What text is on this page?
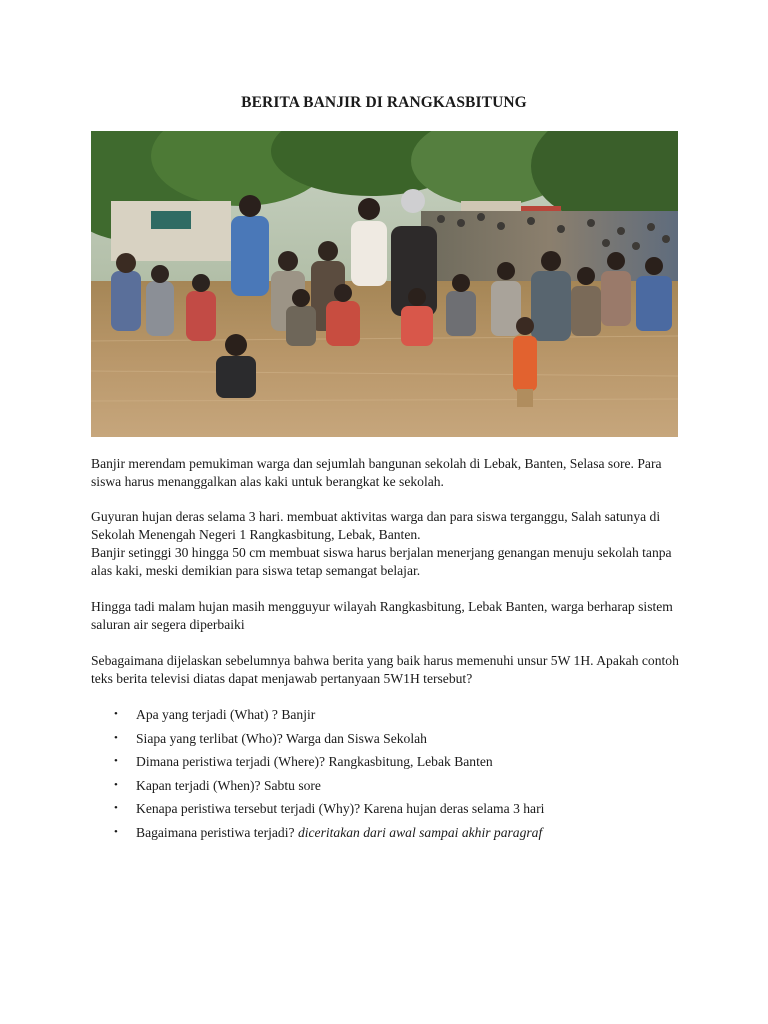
BERITA BANJIR DI RANGKASBITUNG

Banjir merendam pemukiman warga dan sejumlah bangunan sekolah di Lebak, Banten, Selasa sore. Para siswa harus menanggalkan alas kaki untuk berangkat ke sekolah.

Guyuran hujan deras selama 3 hari. membuat aktivitas warga dan para siswa terganggu, Salah satunya di Sekolah Menengah Negeri 1 Rangkasbitung, Lebak, Banten.

Banjir setinggi 30 hingga 50 cm membuat siswa harus berjalan menerjang genangan menuju sekolah tanpa alas kaki, meski demikian para siswa tetap semangat belajar.

Hingga tadi malam hujan masih mengguyur wilayah Rangkasbitung, Lebak Banten, warga berharap sistem saluran air segera diperbaiki

Sebagaimana dijelaskan sebelumnya bahwa berita yang baik harus memenuhi unsur 5W 1H. Apakah contoh teks berita televisi diatas dapat menjawab pertanyaan 5W1H tersebut?

• Apa yang terjadi (What) ? Banjir
• Siapa yang terlibat (Who)? Warga dan Siswa Sekolah
• Dimana peristiwa terjadi (Where)? Rangkasbitung, Lebak Banten
• Kapan terjadi (When)? Sabtu sore
• Kenapa peristiwa tersebut terjadi (Why)? Karena hujan deras selama 3 hari
• Bagaimana peristiwa terjadi? diceritakan dari awal sampai akhir paragraf
